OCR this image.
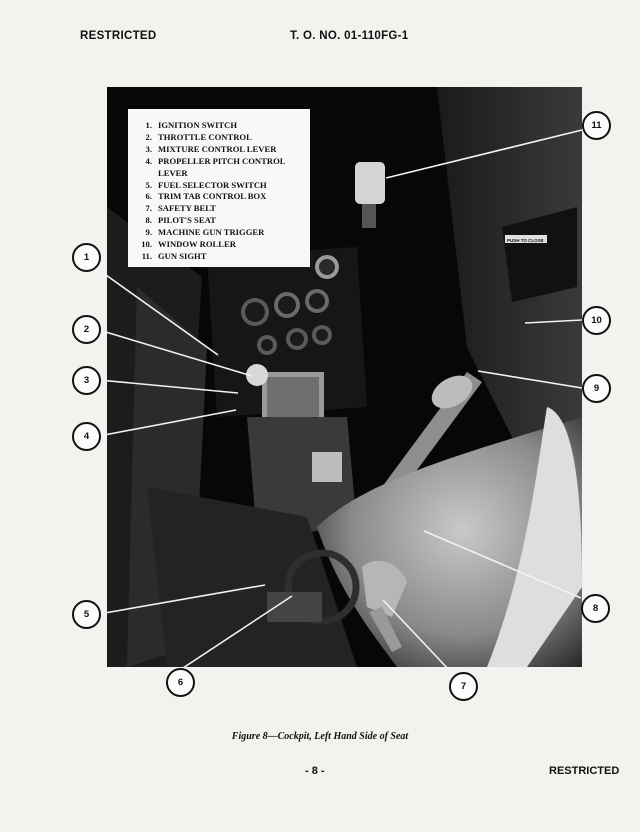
RESTRICTED	T. O. NO. 01-110FG-1
PUSH TO CLOSE
1. IGNITION SWITCH
2. THROTTLE CONTROL
3. MIXTURE CONTROL LEVER
4. PROPELLER PITCH CONTROL LEVER
5. FUEL SELECTOR SWITCH
6. TRIM TAB CONTROL BOX
7. SAFETY BELT
8. PILOT'S SEAT
9. MACHINE GUN TRIGGER
10. WINDOW ROLLER
11. GUN SIGHT
1
2
3
4
5
6	7
8
9
10
11
Figure 8—Cockpit, Left Hand Side of Seat
- 8 -	RESTRICTED
